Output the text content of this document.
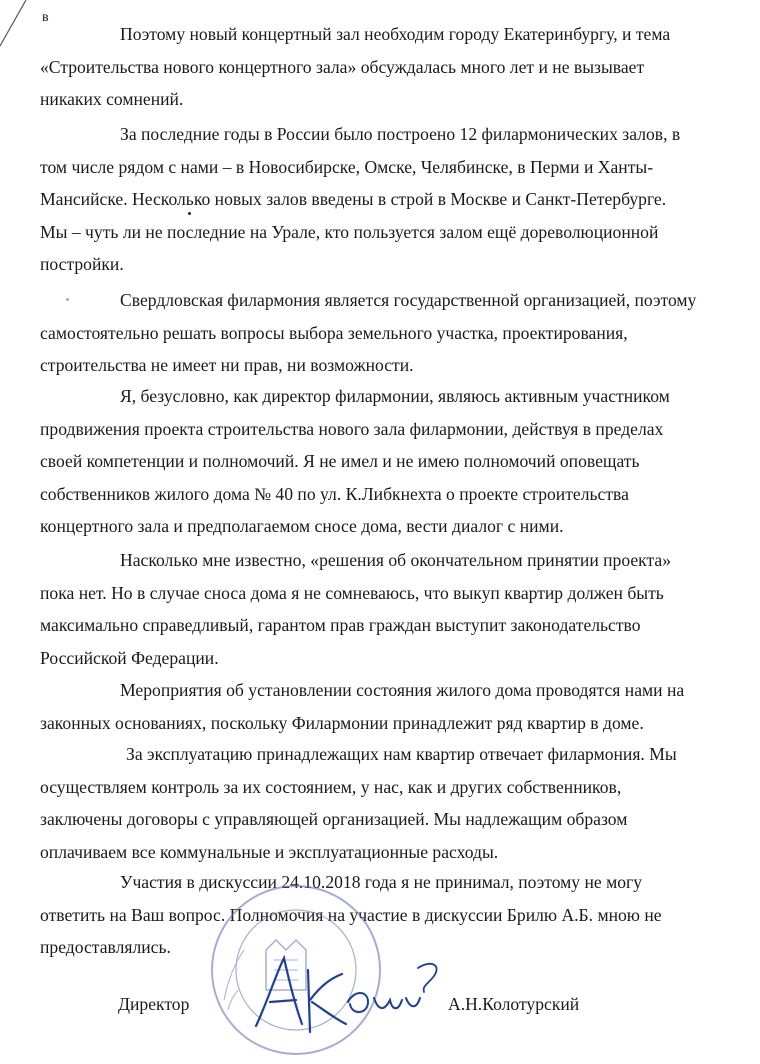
в
Поэтому новый концертный зал необходим городу Екатеринбургу, и тема
«Строительства нового концертного зала» обсуждалась много лет и не вызывает
никаких сомнений.
За последние годы в России было построено 12 филармонических залов, в
том числе рядом с нами – в Новосибирске, Омске, Челябинске, в Перми и Ханты-
Мансийске. Несколько новых залов введены в строй в Москве и Санкт-Петербурге.
Мы – чуть ли не последние на Урале, кто пользуется залом ещё дореволюционной
постройки.
Свердловская филармония является государственной организацией, поэтому
самостоятельно решать вопросы выбора земельного участка, проектирования,
строительства не имеет ни прав, ни возможности.
Я, безусловно, как директор филармонии, являюсь активным участником
продвижения проекта строительства нового зала филармонии, действуя в пределах
своей компетенции и полномочий. Я не имел и не имею полномочий оповещать
собственников жилого дома № 40 по ул. К.Либкнехта о проекте строительства
концертного зала и предполагаемом сносе дома, вести диалог с ними.
Насколько мне известно, «решения об окончательном принятии проекта»
пока нет. Но в случае сноса дома я не сомневаюсь, что выкуп квартир должен быть
максимально справедливый, гарантом прав граждан выступит законодательство
Российской Федерации.
Мероприятия об установлении состояния жилого дома проводятся нами на
законных основаниях, поскольку Филармонии принадлежит ряд квартир в доме.
За эксплуатацию принадлежащих нам квартир отвечает филармония. Мы
осуществляем контроль за их состоянием, у нас, как и других собственников,
заключены договоры с управляющей организацией. Мы надлежащим образом
оплачиваем все коммунальные и эксплуатационные расходы.
Участия в дискуссии 24.10.2018 года я не принимал, поэтому не могу
ответить на Ваш вопрос. Полномочия на участие в дискуссии Брилю А.Б. мною не
предоставлялись.
Директор	А.Н.Колотурский
